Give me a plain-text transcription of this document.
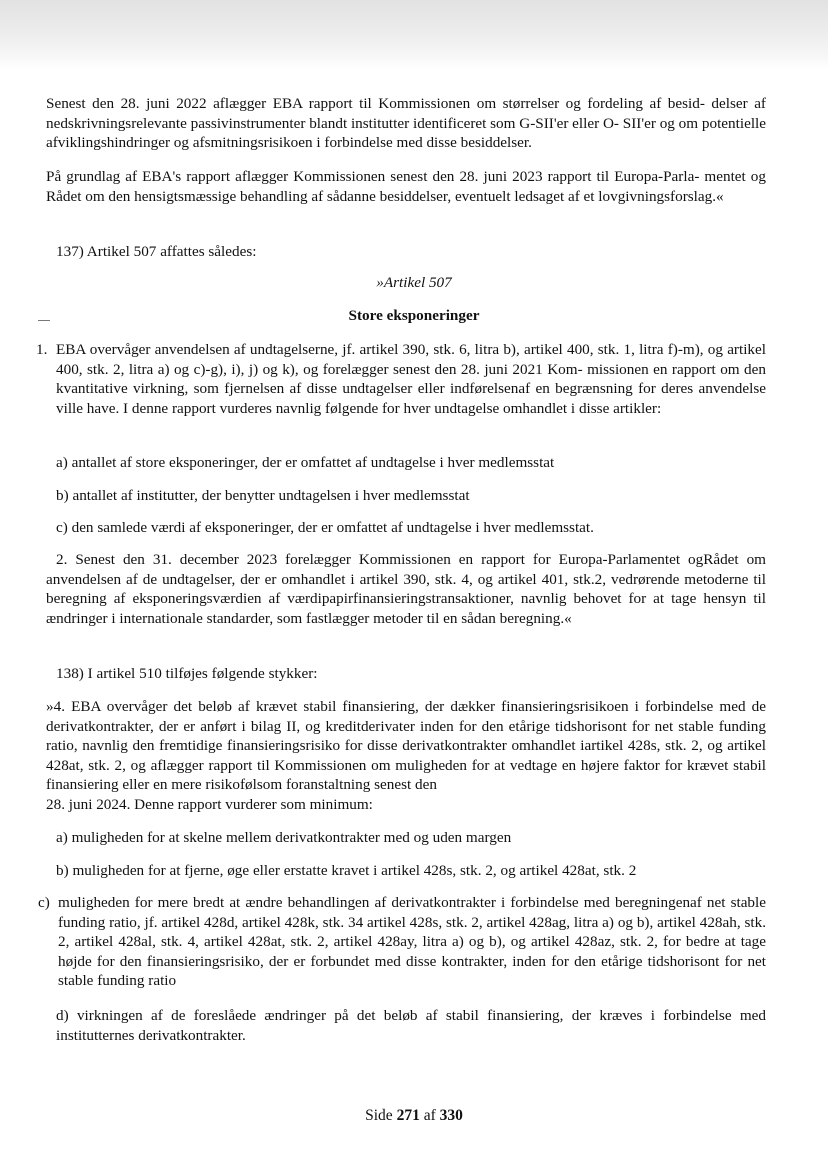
Senest den 28. juni 2022 aflægger EBA rapport til Kommissionen om størrelser og fordeling af besid- delser af nedskrivningsrelevante passivinstrumenter blandt institutter identificeret som G-SII'er eller O- SII'er og om potentielle afviklingshindringer og afsmitningsrisikoen i forbindelse med disse besiddelser.

På grundlag af EBA's rapport aflægger Kommissionen senest den 28. juni 2023 rapport til Europa-Parla- mentet og Rådet om den hensigtsmæssige behandling af sådanne besiddelser, eventuelt ledsaget af et lovgivningsforslag.«

137) Artikel 507 affattes således:

»Artikel 507
Store eksponeringer
1. EBA overvåger anvendelsen af undtagelserne, jf. artikel 390, stk. 6, litra b), artikel 400, stk. 1, litra f)-m), og artikel 400, stk. 2, litra a) og c)-g), i), j) og k), og forelægger senest den 28. juni 2021 Kom- missionen en rapport om den kvantitative virkning, som fjernelsen af disse undtagelser eller indførelsenaf en begrænsning for deres anvendelse ville have. I denne rapport vurderes navnlig følgende for hver undtagelse omhandlet i disse artikler:

a) antallet af store eksponeringer, der er omfattet af undtagelse i hver medlemsstat

b) antallet af institutter, der benytter undtagelsen i hver medlemsstat

c) den samlede værdi af eksponeringer, der er omfattet af undtagelse i hver medlemsstat.

2. Senest den 31. december 2023 forelægger Kommissionen en rapport for Europa-Parlamentet ogRådet om anvendelsen af de undtagelser, der er omhandlet i artikel 390, stk. 4, og artikel 401, stk.2, vedrørende metoderne til beregning af eksponeringsværdien af værdipapirfinansieringstransaktioner, navnlig behovet for at tage hensyn til ændringer i internationale standarder, som fastlægger metoder til en sådan beregning.«

138) I artikel 510 tilføjes følgende stykker:

»4. EBA overvåger det beløb af krævet stabil finansiering, der dækker finansieringsrisikoen i forbindelse med de derivatkontrakter, der er anført i bilag II, og kreditderivater inden for den etårige tidshorisont for net stable funding ratio, navnlig den fremtidige finansieringsrisiko for disse derivatkontrakter omhandlet iartikel 428s, stk. 2, og artikel 428at, stk. 2, og aflægger rapport til Kommissionen om muligheden for at vedtage en højere faktor for krævet stabil finansiering eller en mere risikofølsom foranstaltning senest den

28. juni 2024. Denne rapport vurderer som minimum:

a) muligheden for at skelne mellem derivatkontrakter med og uden margen

b) muligheden for at fjerne, øge eller erstatte kravet i artikel 428s, stk. 2, og artikel 428at, stk. 2

c) muligheden for mere bredt at ændre behandlingen af derivatkontrakter i forbindelse med beregningenaf net stable funding ratio, jf. artikel 428d, artikel 428k, stk. 34 artikel 428s, stk. 2, artikel 428ag, litra a) og b), artikel 428ah, stk. 2, artikel 428al, stk. 4, artikel 428at, stk. 2, artikel 428ay, litra a) og b), og artikel 428az, stk. 2, for bedre at tage højde for den finansieringsrisiko, der er forbundet med disse kontrakter, inden for den etårige tidshorisont for net stable funding ratio

d) virkningen af de foreslåede ændringer på det beløb af stabil finansiering, der kræves i forbindelse med institutternes derivatkontrakter.

Side 271 af 330
